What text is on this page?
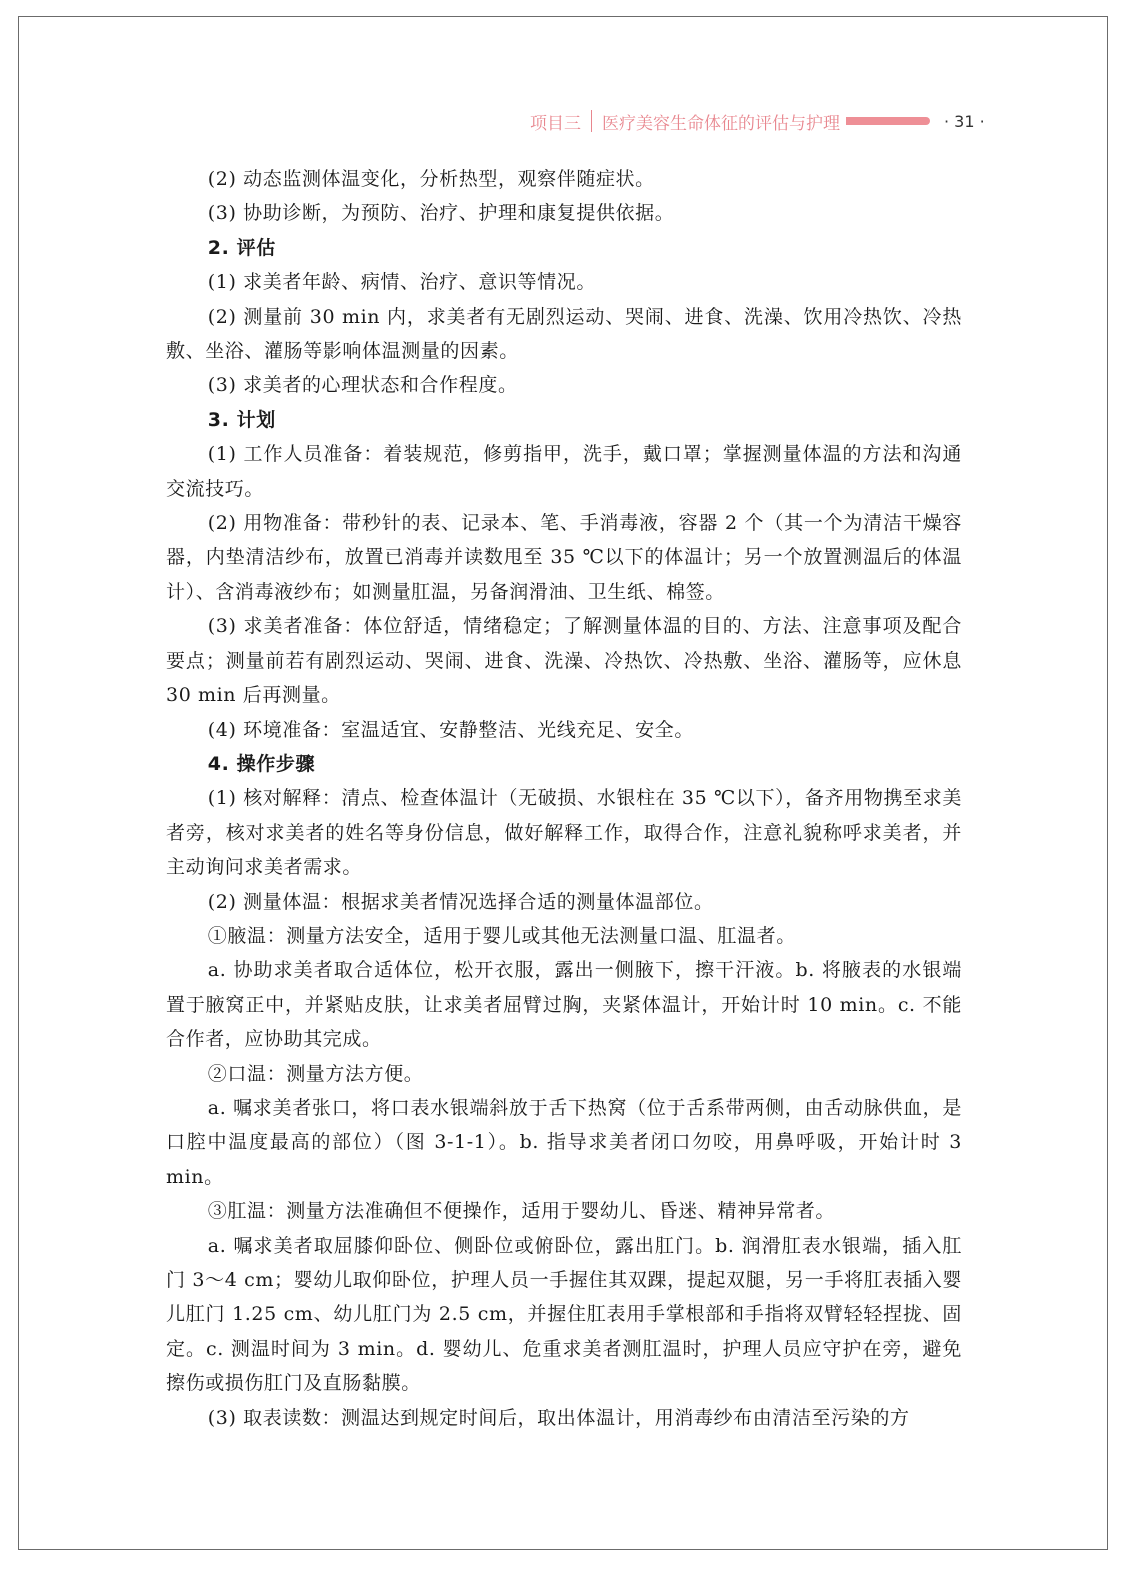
项目三 医疗美容生命体征的评估与护理	· 31 ·

(2) 动态监测体温变化，分析热型，观察伴随症状。

(3) 协助诊断，为预防、治疗、护理和康复提供依据。

2. 评估

(1) 求美者年龄、病情、治疗、意识等情况。

(2) 测量前 30 min 内，求美者有无剧烈运动、哭闹、进食、洗澡、饮用冷热饮、冷热敷、坐浴、灌肠等影响体温测量的因素。

(3) 求美者的心理状态和合作程度。

3. 计划

(1) 工作人员准备：着装规范，修剪指甲，洗手，戴口罩；掌握测量体温的方法和沟通交流技巧。

(2) 用物准备：带秒针的表、记录本、笔、手消毒液，容器 2 个（其一个为清洁干燥容器，内垫清洁纱布，放置已消毒并读数甩至 35 ℃以下的体温计；另一个放置测温后的体温计）、含消毒液纱布；如测量肛温，另备润滑油、卫生纸、棉签。

(3) 求美者准备：体位舒适，情绪稳定；了解测量体温的目的、方法、注意事项及配合要点；测量前若有剧烈运动、哭闹、进食、洗澡、冷热饮、冷热敷、坐浴、灌肠等，应休息 30 min 后再测量。

(4) 环境准备：室温适宜、安静整洁、光线充足、安全。

4. 操作步骤

(1) 核对解释：清点、检查体温计（无破损、水银柱在 35 ℃以下），备齐用物携至求美者旁，核对求美者的姓名等身份信息，做好解释工作，取得合作，注意礼貌称呼求美者，并主动询问求美者需求。

(2) 测量体温：根据求美者情况选择合适的测量体温部位。

①腋温：测量方法安全，适用于婴儿或其他无法测量口温、肛温者。

a. 协助求美者取合适体位，松开衣服，露出一侧腋下，擦干汗液。b. 将腋表的水银端置于腋窝正中，并紧贴皮肤，让求美者屈臂过胸，夹紧体温计，开始计时 10 min。c. 不能合作者，应协助其完成。

②口温：测量方法方便。

a. 嘱求美者张口，将口表水银端斜放于舌下热窝（位于舌系带两侧，由舌动脉供血，是口腔中温度最高的部位）（图 3-1-1）。b. 指导求美者闭口勿咬，用鼻呼吸，开始计时 3 min。

③肛温：测量方法准确但不便操作，适用于婴幼儿、昏迷、精神异常者。

a. 嘱求美者取屈膝仰卧位、侧卧位或俯卧位，露出肛门。b. 润滑肛表水银端，插入肛门 3～4 cm；婴幼儿取仰卧位，护理人员一手握住其双踝，提起双腿，另一手将肛表插入婴儿肛门 1.25 cm、幼儿肛门为 2.5 cm，并握住肛表用手掌根部和手指将双臂轻轻捏拢、固定。c. 测温时间为 3 min。d. 婴幼儿、危重求美者测肛温时，护理人员应守护在旁，避免擦伤或损伤肛门及直肠黏膜。

(3) 取表读数：测温达到规定时间后，取出体温计，用消毒纱布由清洁至污染的方
